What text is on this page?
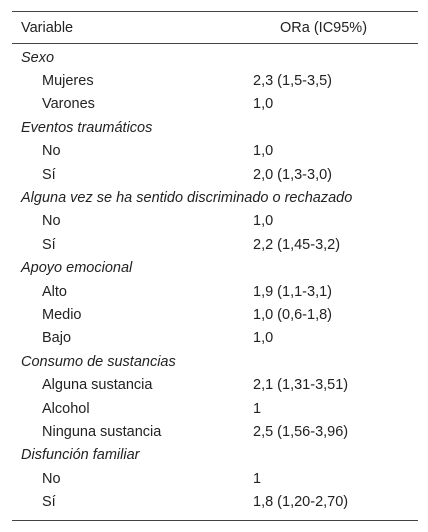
Variable	ORa (IC95%)
Sexo
Mujeres	2,3 (1,5-3,5)
Varones	1,0
Eventos traumáticos
No	1,0
Sí	2,0 (1,3-3,0)
Alguna vez se ha sentido discriminado o rechazado
No	1,0
Sí	2,2 (1,45-3,2)
Apoyo emocional
Alto	1,9 (1,1-3,1)
Medio	1,0 (0,6-1,8)
Bajo	1,0
Consumo de sustancias
Alguna sustancia	2,1 (1,31-3,51)
Alcohol	1
Ninguna sustancia	2,5 (1,56-3,96)
Disfunción familiar
No	1
Sí	1,8 (1,20-2,70)
